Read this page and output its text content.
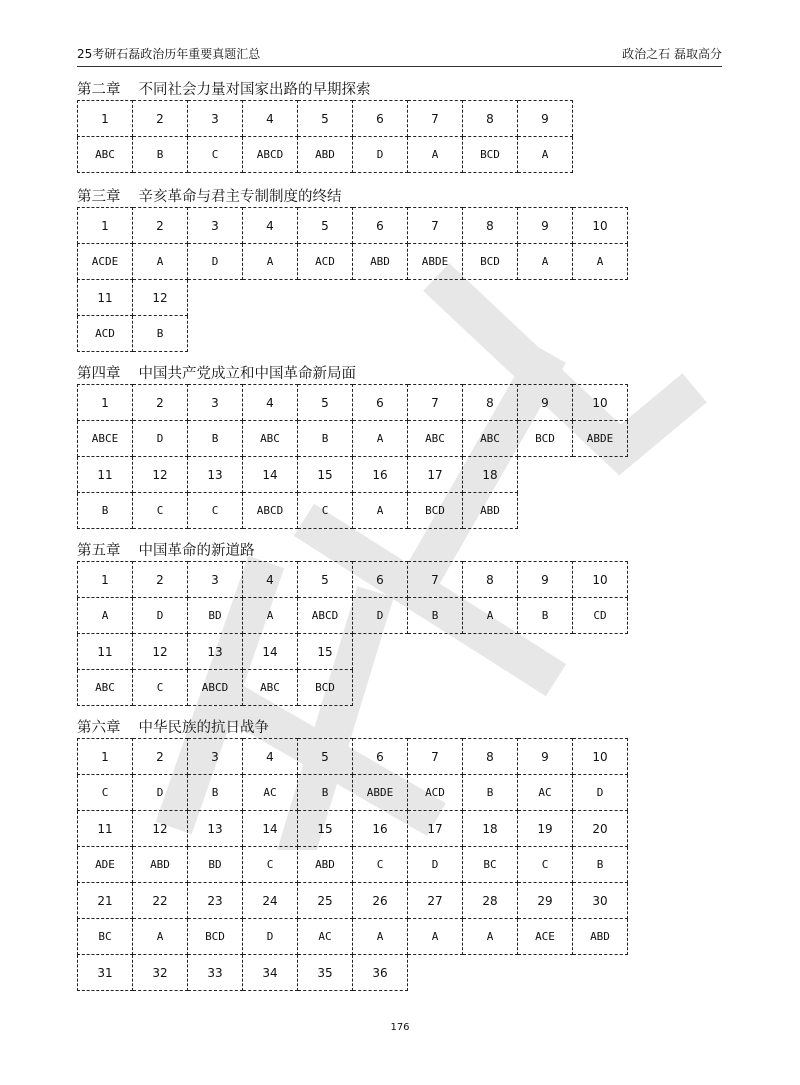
25考研石磊政治历年重要真题汇总	政治之石 磊取高分
第二章 不同社会力量对国家出路的早期探索
1	2	3	4	5	6	7	8	9	
ABC	B	C	ABCD	ABD	D	A	BCD	A	
第三章 辛亥革命与君主专制制度的终结
1	2	3	4	5	6	7	8	9	10
ACDE	A	D	A	ACD	ABD	ABDE	BCD	A	A
11	12								
ACD	B								
第四章 中国共产党成立和中国革命新局面
1	2	3	4	5	6	7	8	9	10
ABCE	D	B	ABC	B	A	ABC	ABC	BCD	ABDE
11	12	13	14	15	16	17	18		
B	C	C	ABCD	C	A	BCD	ABD		
第五章 中国革命的新道路
1	2	3	4	5	6	7	8	9	10
A	D	BD	A	ABCD	D	B	A	B	CD
11	12	13	14	15					
ABC	C	ABCD	ABC	BCD					
第六章 中华民族的抗日战争
1	2	3	4	5	6	7	8	9	10
C	D	B	AC	B	ABDE	ACD	B	AC	D
11	12	13	14	15	16	17	18	19	20
ADE	ABD	BD	C	ABD	C	D	BC	C	B
21	22	23	24	25	26	27	28	29	30
BC	A	BCD	D	AC	A	A	A	ACE	ABD
31	32	33	34	35	36				
176
